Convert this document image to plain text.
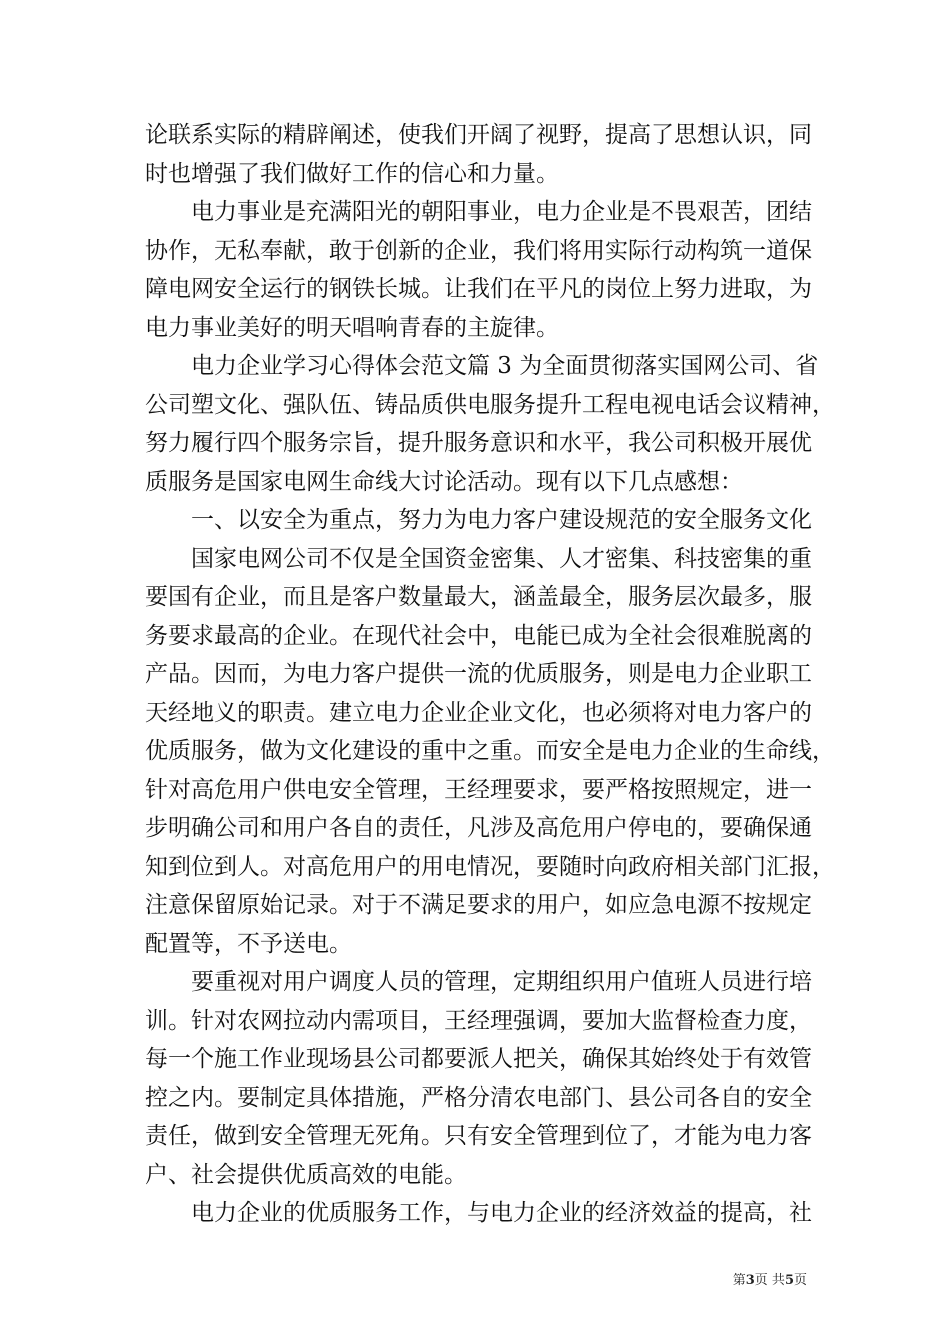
论联系实际的精辟阐述，使我们开阔了视野，提高了思想认识，同
时也增强了我们做好工作的信心和力量。
电力事业是充满阳光的朝阳事业，电力企业是不畏艰苦，团结
协作，无私奉献，敢于创新的企业，我们将用实际行动构筑一道保
障电网安全运行的钢铁长城。让我们在平凡的岗位上努力进取，为
电力事业美好的明天唱响青春的主旋律。
电力企业学习心得体会范文篇 3 为全面贯彻落实国网公司、省
公司塑文化、强队伍、铸品质供电服务提升工程电视电话会议精神，
努力履行四个服务宗旨，提升服务意识和水平，我公司积极开展优
质服务是国家电网生命线大讨论活动。现有以下几点感想：
一、以安全为重点，努力为电力客户建设规范的安全服务文化
国家电网公司不仅是全国资金密集、人才密集、科技密集的重
要国有企业，而且是客户数量最大，涵盖最全，服务层次最多，服
务要求最高的企业。在现代社会中，电能已成为全社会很难脱离的
产品。因而，为电力客户提供一流的优质服务，则是电力企业职工
天经地义的职责。建立电力企业企业文化，也必须将对电力客户的
优质服务，做为文化建设的重中之重。而安全是电力企业的生命线，
针对高危用户供电安全管理，王经理要求，要严格按照规定，进一
步明确公司和用户各自的责任，凡涉及高危用户停电的，要确保通
知到位到人。对高危用户的用电情况，要随时向政府相关部门汇报，
注意保留原始记录。对于不满足要求的用户，如应急电源不按规定
配置等，不予送电。
要重视对用户调度人员的管理，定期组织用户值班人员进行培
训。针对农网拉动内需项目，王经理强调，要加大监督检查力度，
每一个施工作业现场县公司都要派人把关，确保其始终处于有效管
控之内。要制定具体措施，严格分清农电部门、县公司各自的安全
责任，做到安全管理无死角。只有安全管理到位了，才能为电力客
户、社会提供优质高效的电能。
电力企业的优质服务工作，与电力企业的经济效益的提高，社
第3页 共5页
